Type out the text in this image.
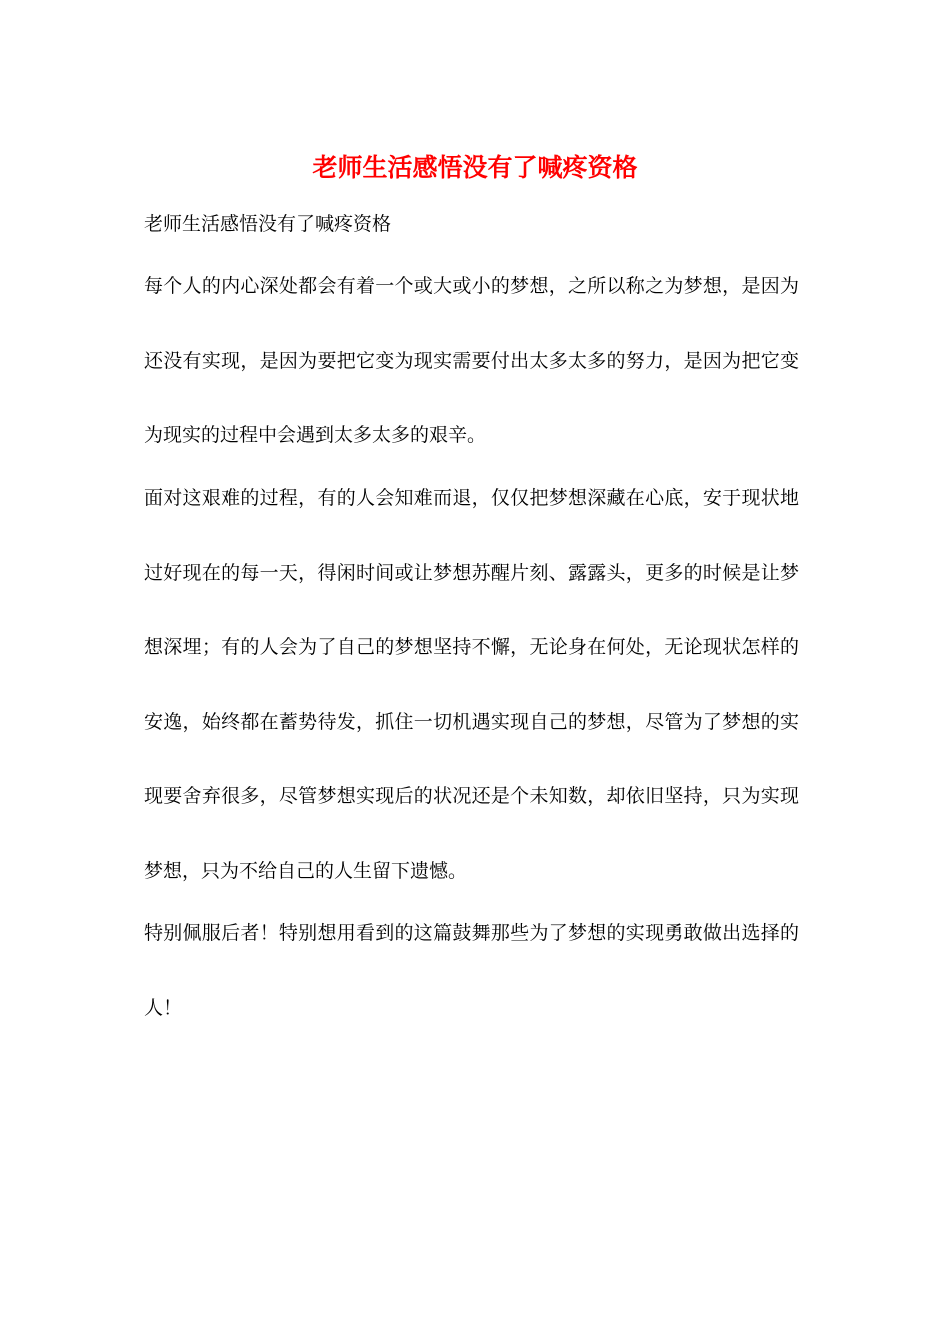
老师生活感悟没有了喊疼资格

老师生活感悟没有了喊疼资格

每个人的内心深处都会有着一个或大或小的梦想，之所以称之为梦想，是因为还没有实现，是因为要把它变为现实需要付出太多太多的努力，是因为把它变为现实的过程中会遇到太多太多的艰辛。

面对这艰难的过程，有的人会知难而退，仅仅把梦想深藏在心底，安于现状地过好现在的每一天，得闲时间或让梦想苏醒片刻、露露头，更多的时候是让梦想深埋；有的人会为了自己的梦想坚持不懈，无论身在何处，无论现状怎样的安逸，始终都在蓄势待发，抓住一切机遇实现自己的梦想，尽管为了梦想的实现要舍弃很多，尽管梦想实现后的状况还是个未知数，却依旧坚持，只为实现梦想，只为不给自己的人生留下遗憾。

特别佩服后者！特别想用看到的这篇鼓舞那些为了梦想的实现勇敢做出选择的人！
